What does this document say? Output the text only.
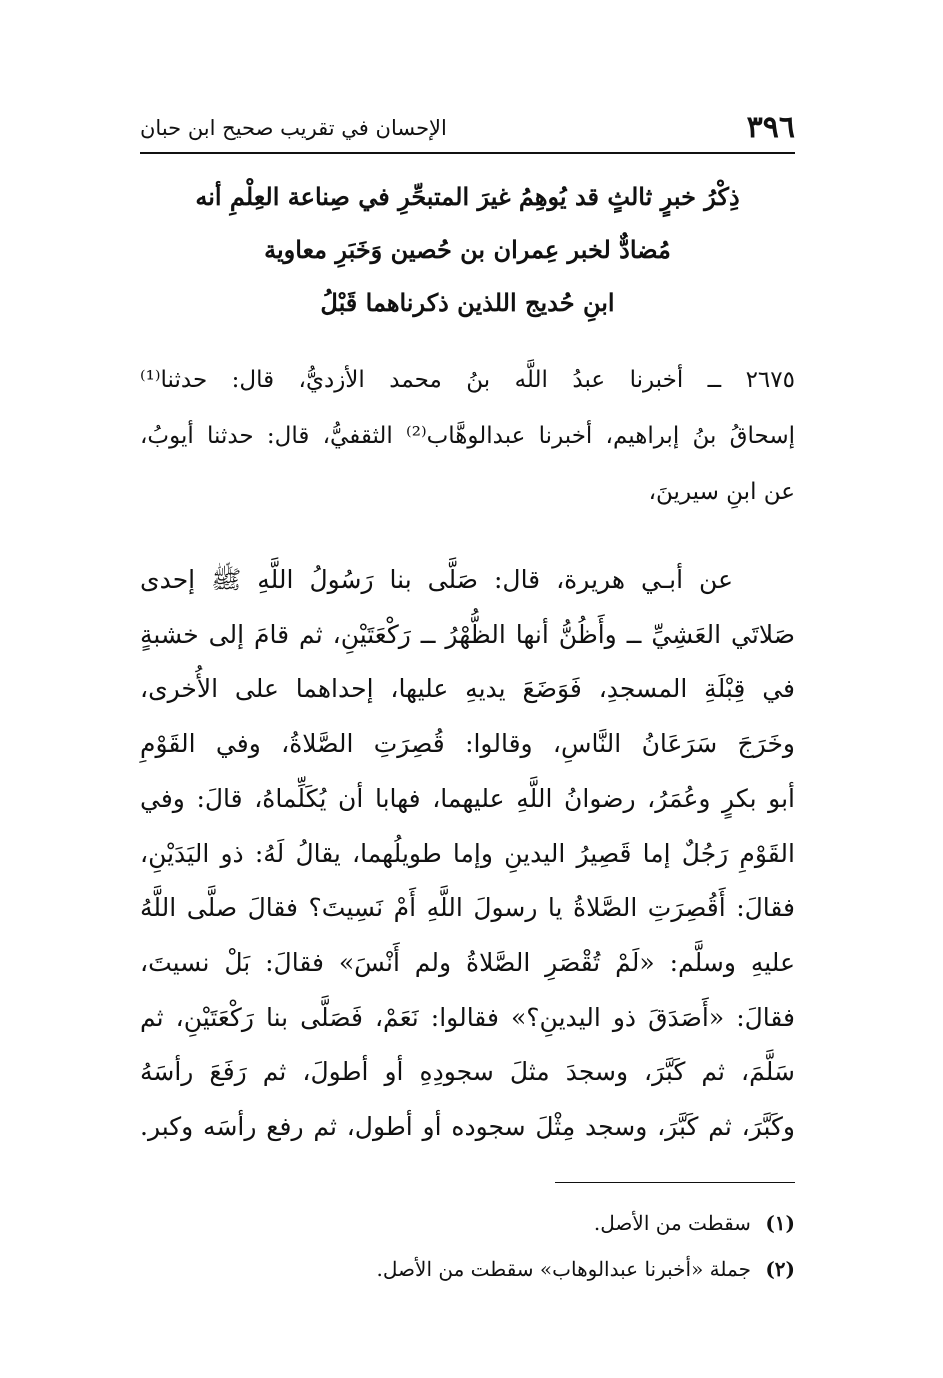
٣٩٦
الإحسان في تقريب صحيح ابن حبان
ذِكْرُ خبرٍ ثالثٍ قد يُوهِمُ غيرَ المتبحِّرِ في صِناعة العِلْمِ أنه
مُضادٌّ لخبر عِمران بن حُصين وَخَبَرِ معاوية
ابنِ حُديج اللذين ذكرناهما قَبْلُ
٢٦٧٥ ــ أخبرنا عبدُ اللَّه بنُ محمد الأزديُّ، قال: حدثنا⁽¹⁾
إسحاقُ بنُ إبراهيم، أخبرنا عبدالوهَّاب⁽²⁾ الثقفيُّ، قال: حدثنا أيوبُ،
عن ابنِ سيرينَ،
عن أبـي هريرة، قال: صَلَّى بنا رَسُولُ اللَّهِ ﷺ إحدى
صَلاتَي العَشِيِّ ــ وأَظُنُّ أنها الظُّهْرُ ــ رَكْعَتَيْنِ، ثم قامَ إلى خشبةٍ
في قِبْلَةِ المسجدِ، فَوَضَعَ يديهِ عليها، إحداهما على الأُخرى،
وخَرَجَ سَرَعَانُ النَّاسِ، وقالوا: قُصِرَتِ الصَّلاةُ، وفي القَوْمِ
أبو بكرٍ وعُمَرُ، رضوانُ اللَّهِ عليهما، فهابا أن يُكَلِّماهُ، قالَ: وفي
القَوْمِ رَجُلٌ إما قَصِيرُ اليدينِ وإما طويلُهما، يقالُ لَهُ: ذو اليَدَيْنِ،
فقالَ: أَقُصِرَتِ الصَّلاةُ يا رسولَ اللَّهِ أَمْ نَسِيتَ؟ فقالَ صلَّى اللَّهُ
عليهِ وسلَّم: «لَمْ تُقْصَرِ الصَّلاةُ ولم أَنْسَ» فقالَ: بَلْ نسيتَ،
فقالَ: «أَصَدَقَ ذو اليدينِ؟» فقالوا: نَعَمْ، فَصَلَّى بنا رَكْعَتَيْنِ، ثم
سَلَّمَ، ثم كَبَّرَ، وسجدَ مثلَ سجودِهِ أو أطولَ، ثم رَفَعَ رأسَهُ
وكَبَّرَ، ثم كَبَّرَ، وسجد مِثْلَ سجوده أو أطول، ثم رفع رأسَه وكبر.
(١) سقطت من الأصل.
(٢) جملة «أخبرنا عبدالوهاب» سقطت من الأصل.
